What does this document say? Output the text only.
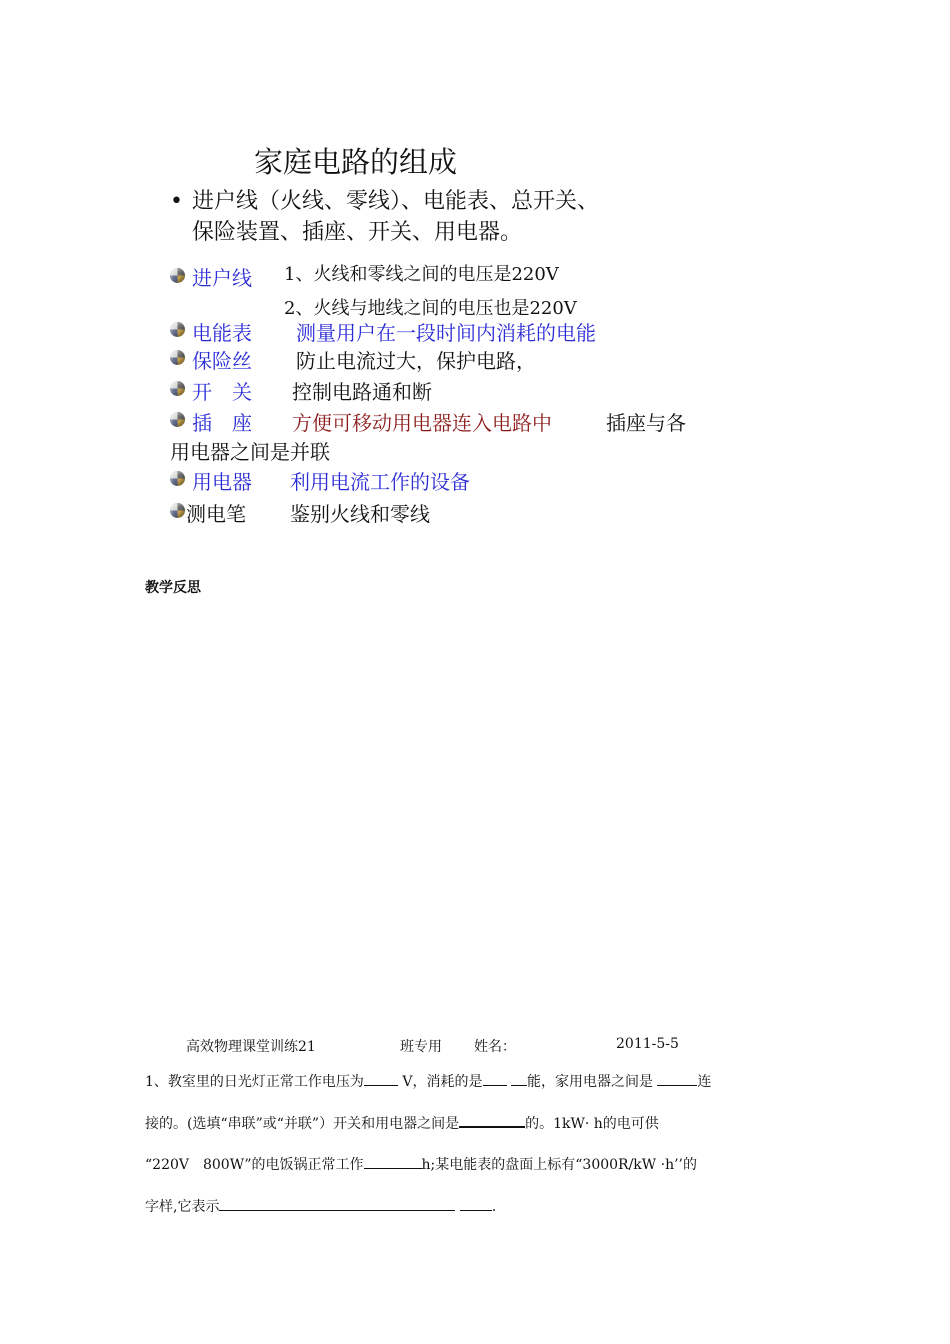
家庭电路的组成
• 进户线（火线、零线）、电能表、总开关、
保险装置、插座、开关、用电器。
进户线 1、火线和零线之间的电压是220V
2、火线与地线之间的电压也是220V
电能表 测量用户在一段时间内消耗的电能
保险丝 防止电流过大，保护电路，
开　关 控制电路通和断
插　座 方便可移动用电器连入电路中	插座与各
用电器之间是并联
用电器 利用电流工作的设备
测电笔 鉴别火线和零线
教学反思
高效物理课堂训练21	班专用 姓名：	2011-5-5
1、教室里的日光灯正常工作电压为	V，消耗的是	能，家用电器之间是	连
接的。(选填“串联”或“并联”）开关和用电器之间是	的。1kW· h的电可供
“220V　800W”的电饭锅正常工作	h;某电能表的盘面上标有“3000R/kW ·h’’的
字样,它表示	.
